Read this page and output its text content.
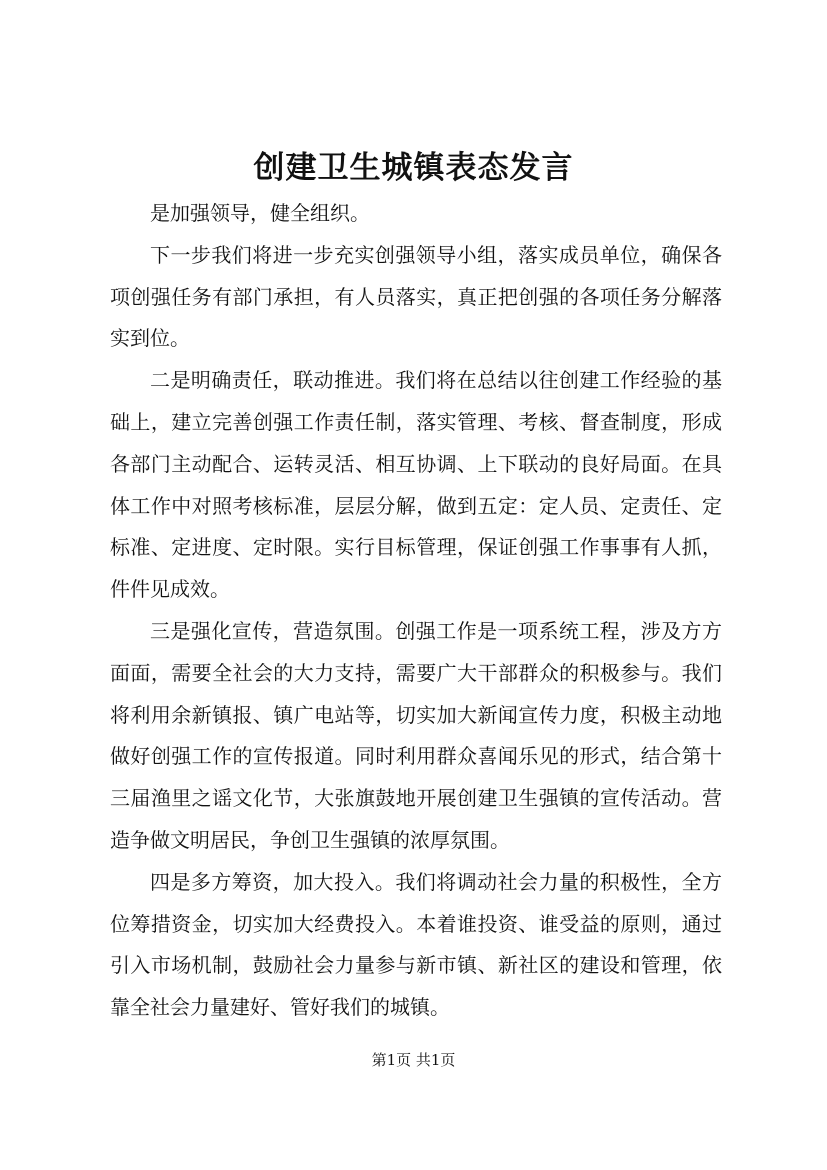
创建卫生城镇表态发言

是加强领导，健全组织。

下一步我们将进一步充实创强领导小组，落实成员单位，确保各项创强任务有部门承担，有人员落实，真正把创强的各项任务分解落实到位。

二是明确责任，联动推进。我们将在总结以往创建工作经验的基础上，建立完善创强工作责任制，落实管理、考核、督查制度，形成各部门主动配合、运转灵活、相互协调、上下联动的良好局面。在具体工作中对照考核标准，层层分解，做到五定：定人员、定责任、定标准、定进度、定时限。实行目标管理，保证创强工作事事有人抓，件件见成效。

三是强化宣传，营造氛围。创强工作是一项系统工程，涉及方方面面，需要全社会的大力支持，需要广大干部群众的积极参与。我们将利用余新镇报、镇广电站等，切实加大新闻宣传力度，积极主动地做好创强工作的宣传报道。同时利用群众喜闻乐见的形式，结合第十三届渔里之谣文化节，大张旗鼓地开展创建卫生强镇的宣传活动。营造争做文明居民，争创卫生强镇的浓厚氛围。

四是多方筹资，加大投入。我们将调动社会力量的积极性，全方位筹措资金，切实加大经费投入。本着谁投资、谁受益的原则，通过引入市场机制，鼓励社会力量参与新市镇、新社区的建设和管理，依靠全社会力量建好、管好我们的城镇。

第1页 共1页
